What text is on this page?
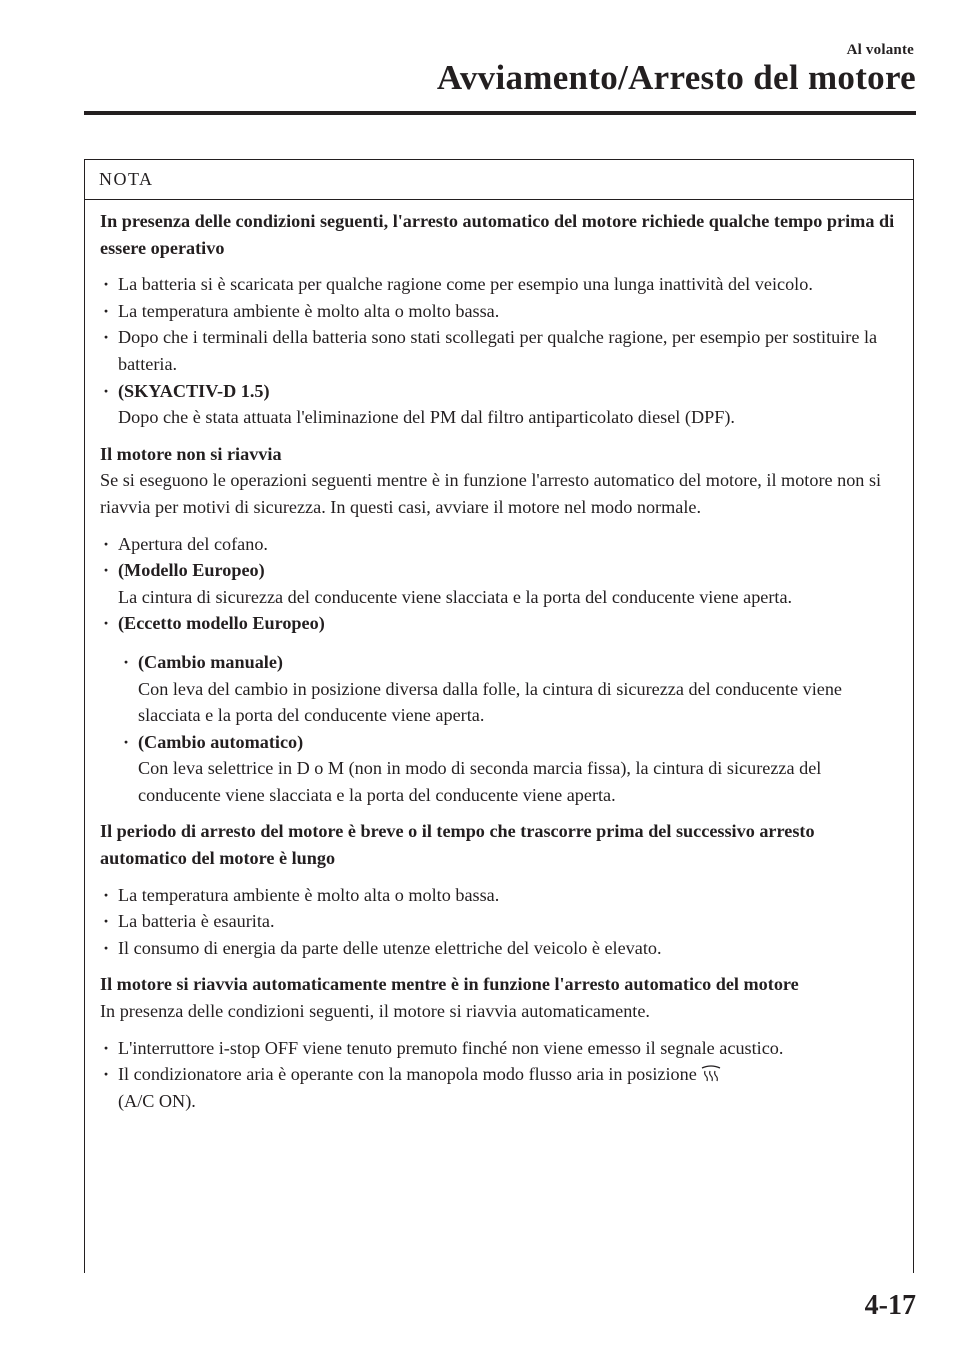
Al volante
Avviamento/Arresto del motore
NOTA

In presenza delle condizioni seguenti, l'arresto automatico del motore richiede qualche tempo prima di essere operativo

· La batteria si è scaricata per qualche ragione come per esempio una lunga inattività del veicolo.
· La temperatura ambiente è molto alta o molto bassa.
· Dopo che i terminali della batteria sono stati scollegati per qualche ragione, per esempio per sostituire la batteria.
· (SKYACTIV-D 1.5)
Dopo che è stata attuata l'eliminazione del PM dal filtro antiparticolato diesel (DPF).

Il motore non si riavvia

Se si eseguono le operazioni seguenti mentre è in funzione l'arresto automatico del motore, il motore non si riavvia per motivi di sicurezza. In questi casi, avviare il motore nel modo normale.

· Apertura del cofano.
· (Modello Europeo)
La cintura di sicurezza del conducente viene slacciata e la porta del conducente viene aperta.
· (Eccetto modello Europeo)
· (Cambio manuale)
Con leva del cambio in posizione diversa dalla folle, la cintura di sicurezza del conducente viene slacciata e la porta del conducente viene aperta.
· (Cambio automatico)
Con leva selettrice in D o M (non in modo di seconda marcia fissa), la cintura di sicurezza del conducente viene slacciata e la porta del conducente viene aperta.

Il periodo di arresto del motore è breve o il tempo che trascorre prima del successivo arresto automatico del motore è lungo

· La temperatura ambiente è molto alta o molto bassa.
· La batteria è esaurita.
· Il consumo di energia da parte delle utenze elettriche del veicolo è elevato.

Il motore si riavvia automaticamente mentre è in funzione l'arresto automatico del motore

In presenza delle condizioni seguenti, il motore si riavvia automaticamente.

· L'interruttore i-stop OFF viene tenuto premuto finché non viene emesso il segnale acustico.
· Il condizionatore aria è operante con la manopola modo flusso aria in posizione
(A/C ON).
4-17
